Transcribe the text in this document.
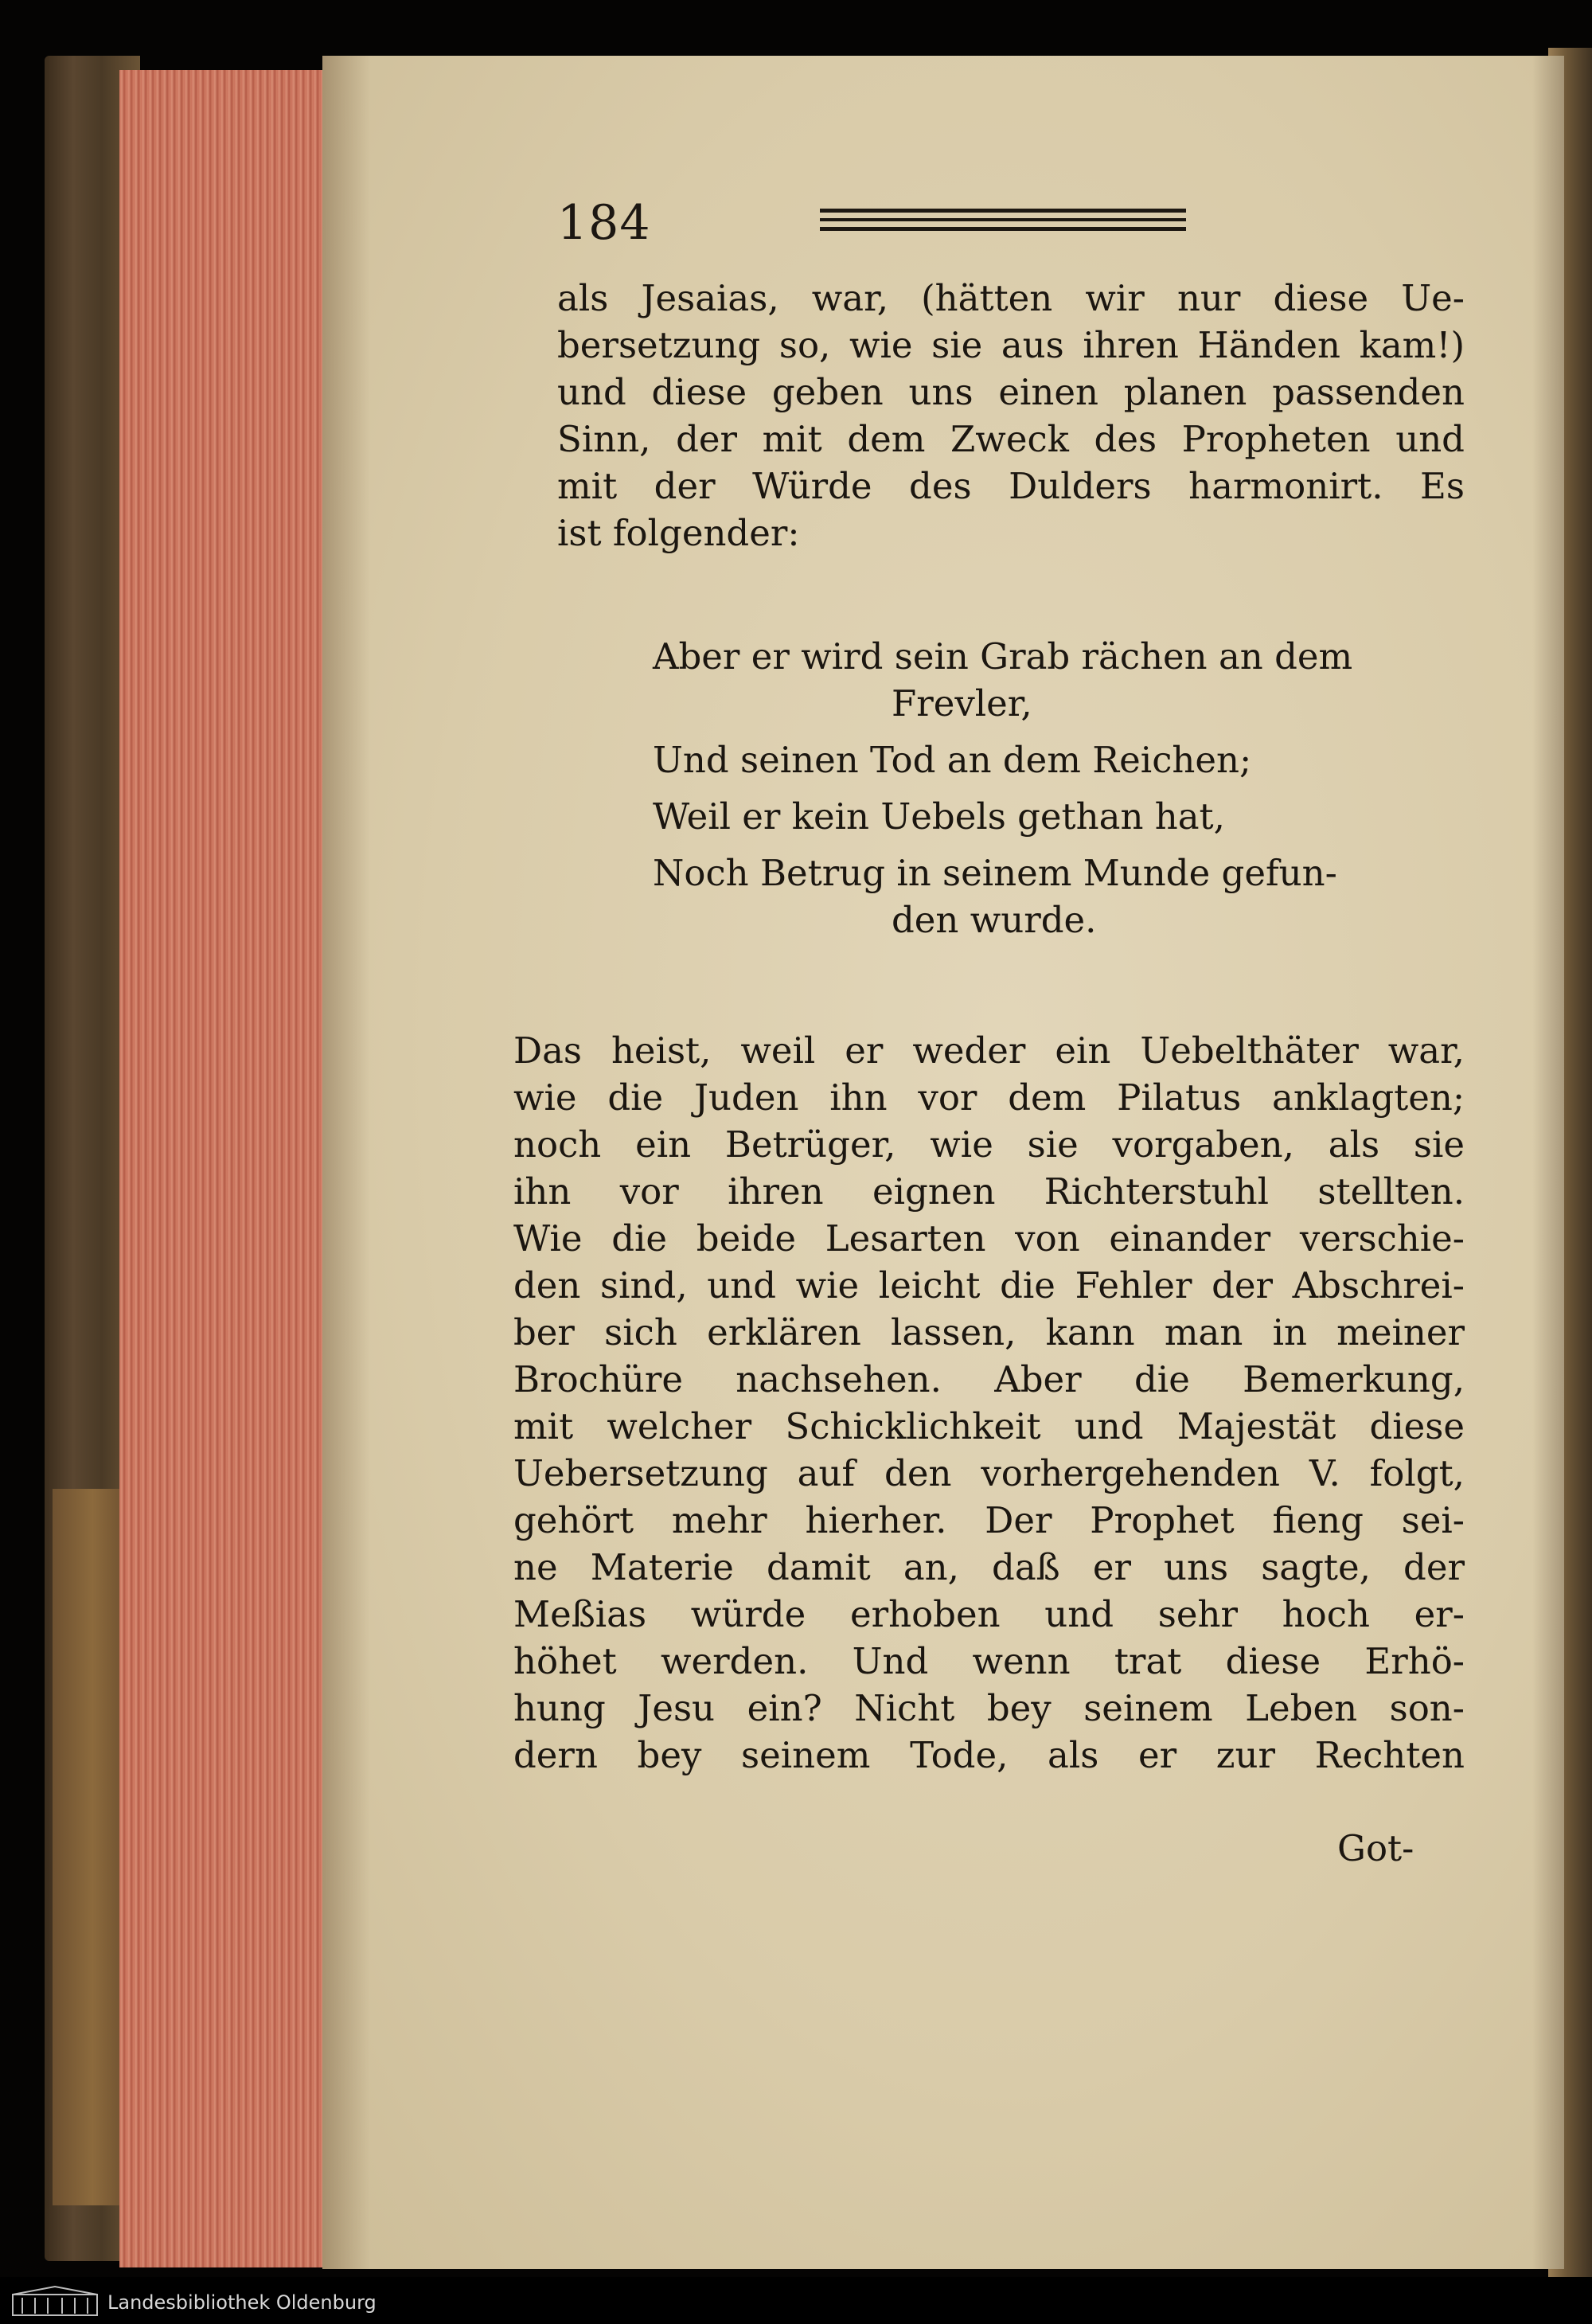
184
als Jesaias, war, (hätten wir nur diese Ue-
bersetzung so, wie sie aus ihren Händen kam!)
und diese geben uns einen planen passenden
Sinn, der mit dem Zweck des Propheten und
mit der Würde des Dulders harmonirt. Es
ist folgender:
Aber er wird sein Grab rächen an dem
Frevler,
Und seinen Tod an dem Reichen;
Weil er kein Uebels gethan hat,
Noch Betrug in seinem Munde gefun-
den wurde.
Das heist, weil er weder ein Uebelthäter war,
wie die Juden ihn vor dem Pilatus anklagten;
noch ein Betrüger, wie sie vorgaben, als sie
ihn vor ihren eignen Richterstuhl stellten.
Wie die beide Lesarten von einander verschie-
den sind, und wie leicht die Fehler der Abschrei-
ber sich erklären lassen, kann man in meiner
Brochüre nachsehen. Aber die Bemerkung,
mit welcher Schicklichkeit und Majestät diese
Uebersetzung auf den vorhergehenden V. folgt,
gehört mehr hierher. Der Prophet fieng sei-
ne Materie damit an, daß er uns sagte, der
Meßias würde erhoben und sehr hoch er-
höhet werden. Und wenn trat diese Erhö-
hung Jesu ein? Nicht bey seinem Leben son-
dern bey seinem Tode, als er zur Rechten
Got-
Landesbibliothek Oldenburg
